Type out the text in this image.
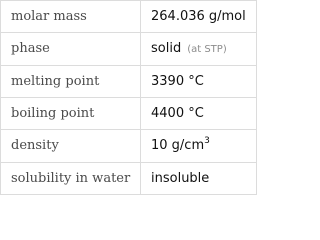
molar mass	264.036 g/mol
phase	solid (at STP)
melting point	3390 °C
boiling point	4400 °C
density	10 $g/cm^3$
solubility in water	insoluble
